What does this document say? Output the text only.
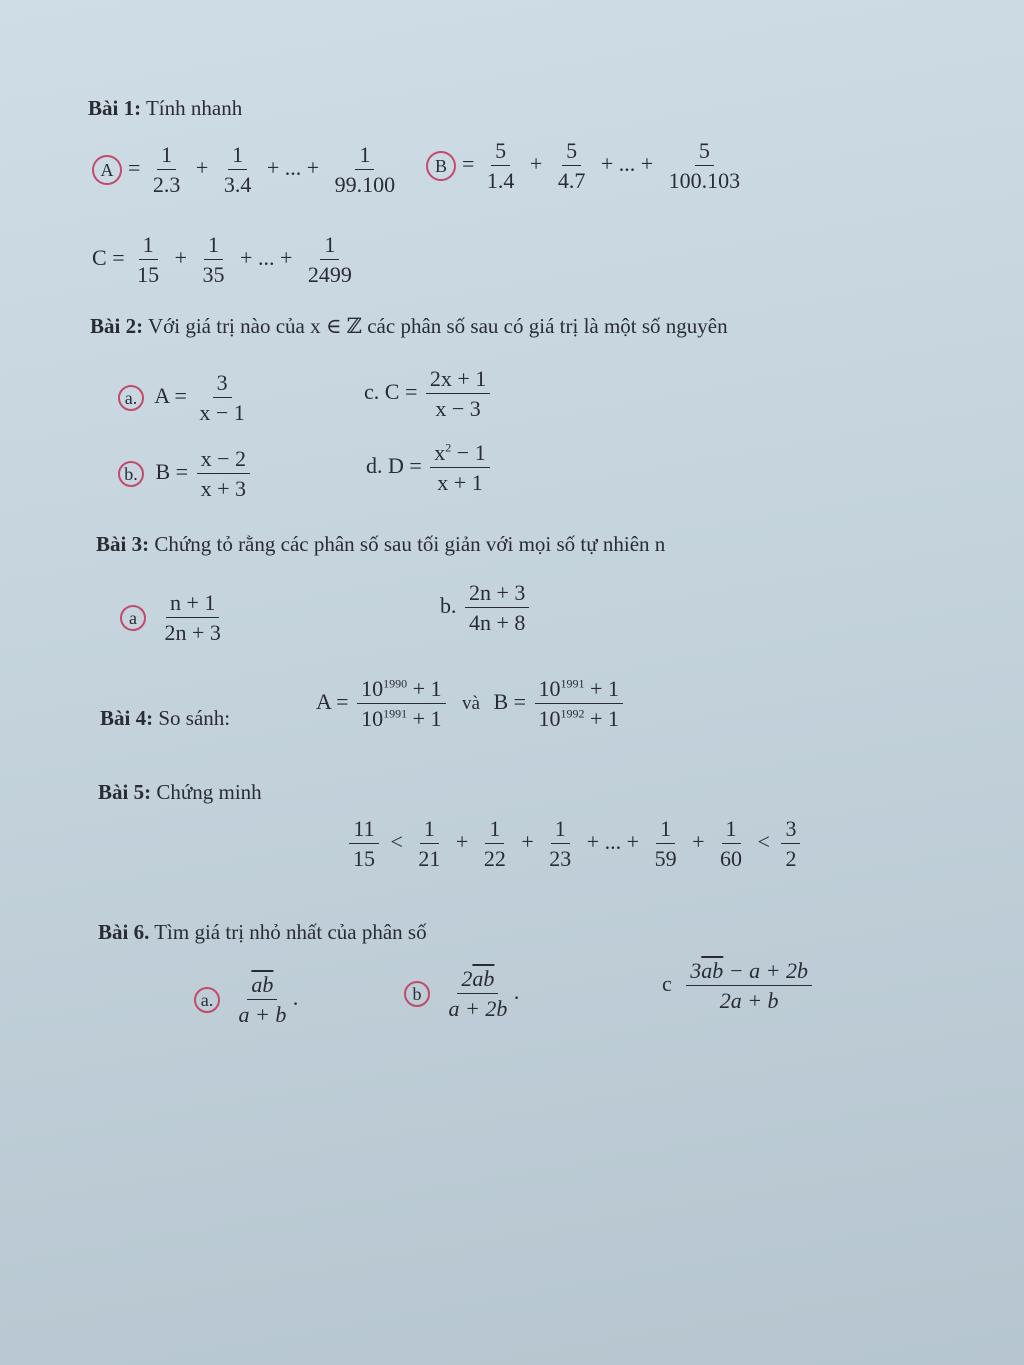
Bài 1: Tính nhanh
$A = \frac{1}{2.3} + \frac{1}{3.4}$ + ... + $\frac{1}{99.100}$	$B = \frac{5}{1.4} + \frac{5}{4.7}$ + ... + $\frac{5}{100.103}$
$C = \frac{1}{15} + \frac{1}{35}$ + ... + $\frac{1}{2499}$
Bài 2: Với giá trị nào của x ∈ ℤ các phân số sau có giá trị là một số nguyên
a. $A = \frac{3}{x - 1}$	c. $C = \frac{2x + 1}{x - 3}$
b. $B = \frac{x - 2}{x + 3}$	d. $D = \frac{x^2 - 1}{x + 1}$
Bài 3: Chứng tỏ rằng các phân số sau tối giản với mọi số tự nhiên n
a $\frac{n + 1}{2n + 3}$	b. $\frac{2n + 3}{4n + 8}$
Bài 4: So sánh:
$A = \frac{10^{1990} + 1}{10^{1991} + 1}$ và $B = \frac{10^{1991} + 1}{10^{1992} + 1}$
Bài 5: Chứng minh
$\frac{11}{15} < \frac{1}{21} + \frac{1}{22} + \frac{1}{23}$ + ... + $\frac{1}{59} + \frac{1}{60} < \frac{3}{2}$
Bài 6. Tìm giá trị nhỏ nhất của phân số
a. $\frac{\overline{ab}}{a + b}$ .	b $\frac{2\overline{ab}}{a + 2b}$ .	c $\frac{3\overline{ab} - a + 2b}{2a + b}$
